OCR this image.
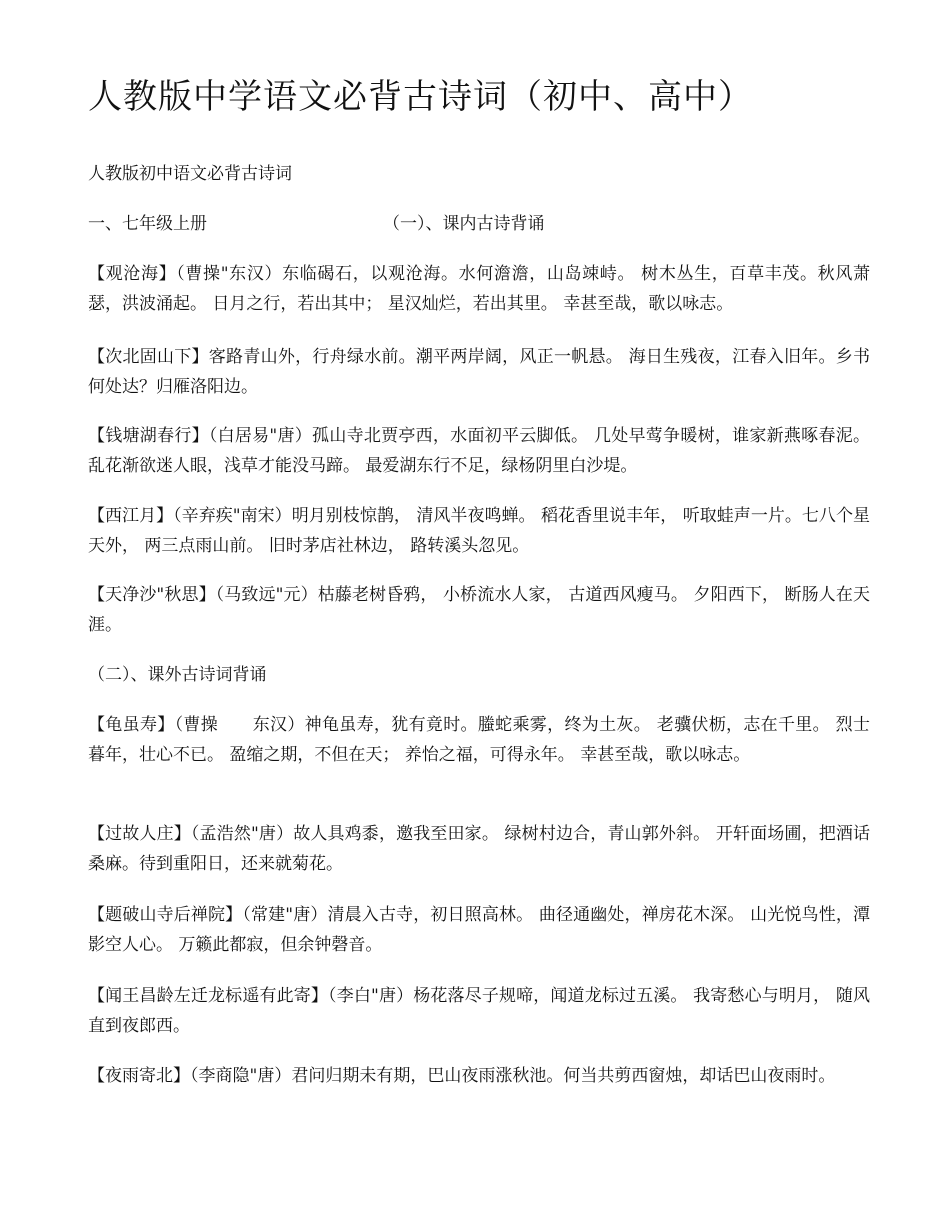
人教版中学语文必背古诗词（初中、高中）

人教版初中语文必背古诗词

一、七年级上册	（一）、课内古诗背诵

【观沧海】（曹操"东汉）东临碣石，以观沧海。水何澹澹，山岛竦峙。 树木丛生，百草丰茂。秋风萧瑟，洪波涌起。 日月之行，若出其中； 星汉灿烂，若出其里。 幸甚至哉，歌以咏志。

【次北固山下】客路青山外，行舟绿水前。潮平两岸阔，风正一帆悬。 海日生残夜，江春入旧年。乡书何处达？归雁洛阳边。

【钱塘湖春行】（白居易"唐）孤山寺北贾亭西，水面初平云脚低。 几处早莺争暖树，谁家新燕啄春泥。 乱花渐欲迷人眼，浅草才能没马蹄。 最爱湖东行不足，绿杨阴里白沙堤。

【西江月】（辛弃疾"南宋）明月别枝惊鹊， 清风半夜鸣蝉。 稻花香里说丰年， 听取蛙声一片。七八个星天外， 两三点雨山前。 旧时茅店社林边， 路转溪头忽见。

【天净沙"秋思】（马致远"元）枯藤老树昏鸦， 小桥流水人家， 古道西风瘦马。 夕阳西下， 断肠人在天涯。

（二）、课外古诗词背诵

【龟虽寿】（曹操　　东汉）神龟虽寿，犹有竟时。螣蛇乘雾，终为土灰。 老骥伏枥，志在千里。 烈士暮年，壮心不已。 盈缩之期，不但在天； 养怡之福，可得永年。 幸甚至哉，歌以咏志。

【过故人庄】（孟浩然"唐）故人具鸡黍，邀我至田家。 绿树村边合，青山郭外斜。 开轩面场圃，把酒话桑麻。待到重阳日，还来就菊花。

【题破山寺后禅院】（常建"唐）清晨入古寺，初日照高林。 曲径通幽处，禅房花木深。 山光悦鸟性，潭影空人心。 万籁此都寂，但余钟磬音。

【闻王昌龄左迁龙标遥有此寄】（李白"唐）杨花落尽子规啼，闻道龙标过五溪。 我寄愁心与明月， 随风直到夜郎西。

【夜雨寄北】（李商隐"唐）君问归期未有期，巴山夜雨涨秋池。何当共剪西窗烛，却话巴山夜雨时。
